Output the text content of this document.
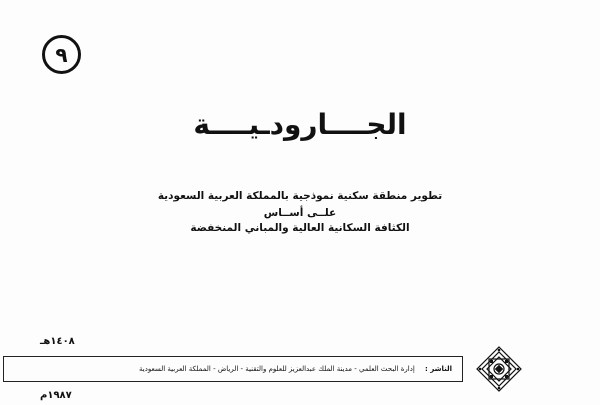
٩
الجــــارودـيــــة
تطوير منطقة سكنية نموذجية بالمملكة العربية السعودية
علــى أســاس
الكثافة السكانية العالية والمباني المنخفضة
١٤٠٨هـ
الناشر : إدارة البحث العلمي - مدينة الملك عبدالعزيز للعلوم والتقنية - الرياض - المملكة العربية السعودية
١٩٨٧م
